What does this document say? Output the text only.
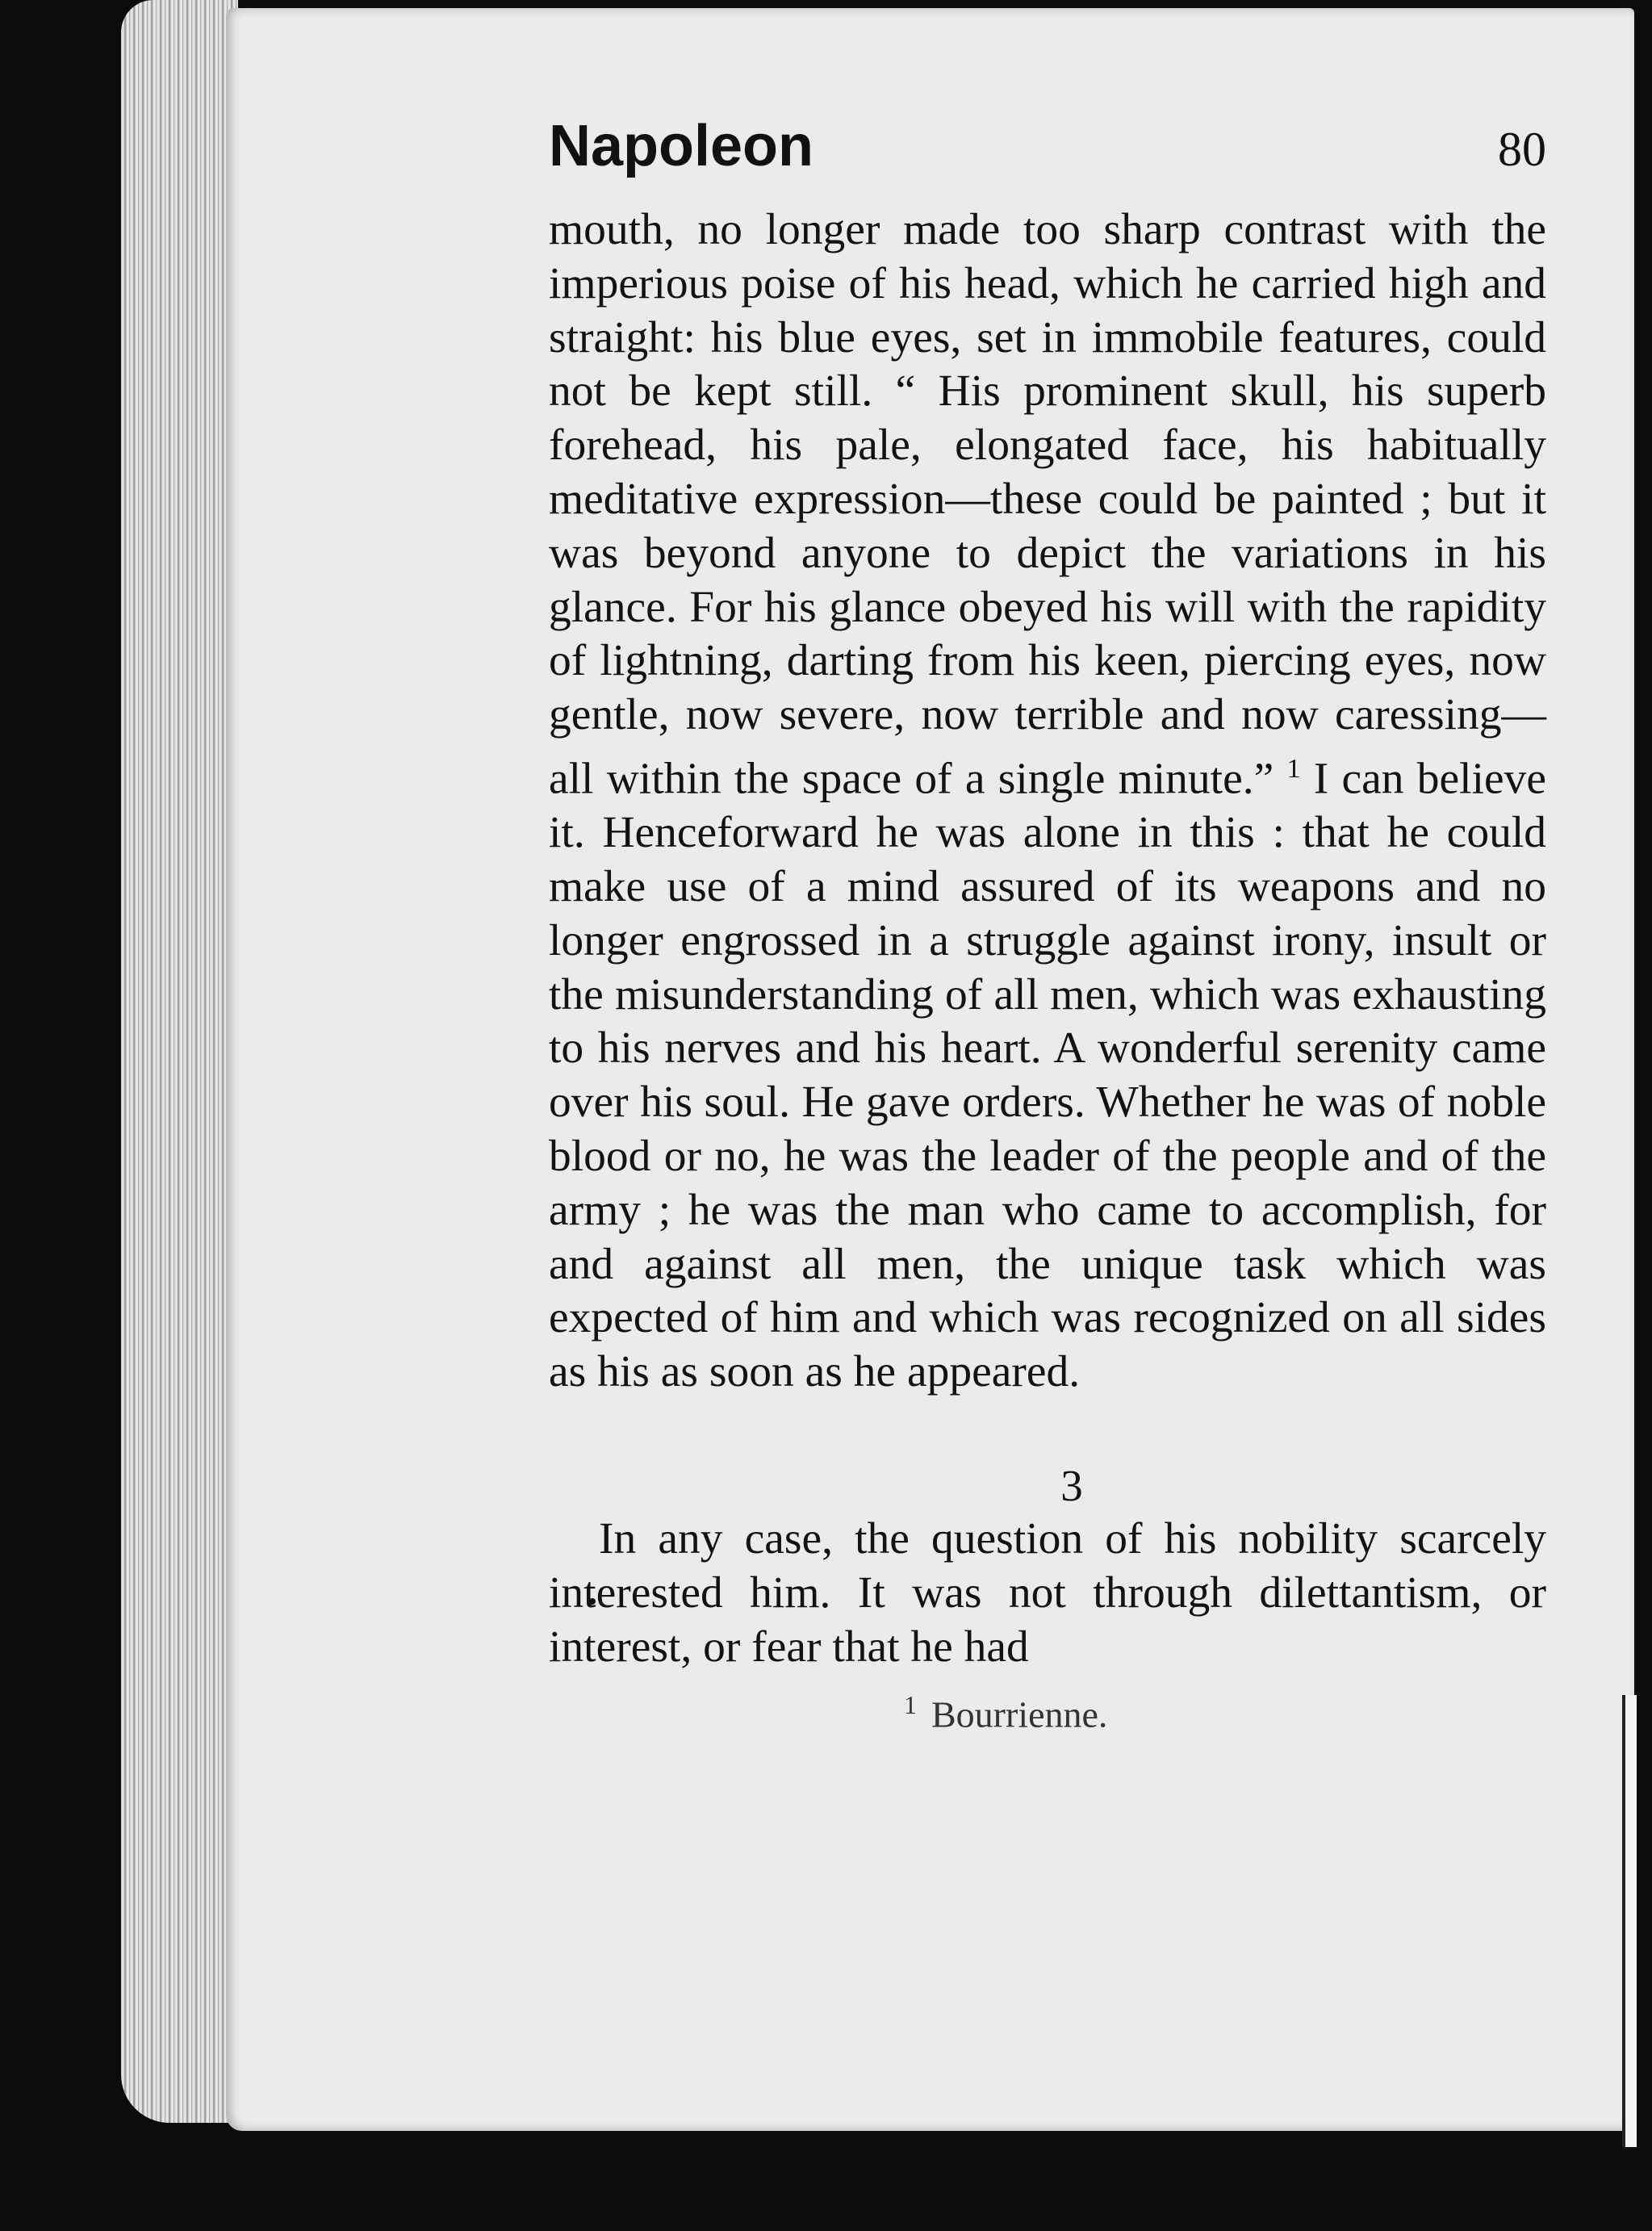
Napoleon	80

mouth, no longer made too sharp contrast with the imperious poise of his head, which he carried high and straight: his blue eyes, set in immobile features, could not be kept still. “ His prominent skull, his superb forehead, his pale, elongated face, his habitually meditative expression—these could be painted ; but it was beyond anyone to depict the variations in his glance. For his glance obeyed his will with the rapidity of lightning, darting from his keen, piercing eyes, now gentle, now severe, now terrible and now caressing—all within the space of a single minute.” $^1$ I can believe it. Henceforward he was alone in this : that he could make use of a mind assured of its weapons and no longer engrossed in a struggle against irony, insult or the misunderstanding of all men, which was exhausting to his nerves and his heart. A wonderful serenity came over his soul. He gave orders. Whether he was of noble blood or no, he was the leader of the people and of the army ; he was the man who came to accomplish, for and against all men, the unique task which was expected of him and which was recognized on all sides as his as soon as he appeared.

3

In any case, the question of his nobility scarcely interested him. It was not through dilettantism, or interest, or fear that he had

$^1$ Bourrienne.
